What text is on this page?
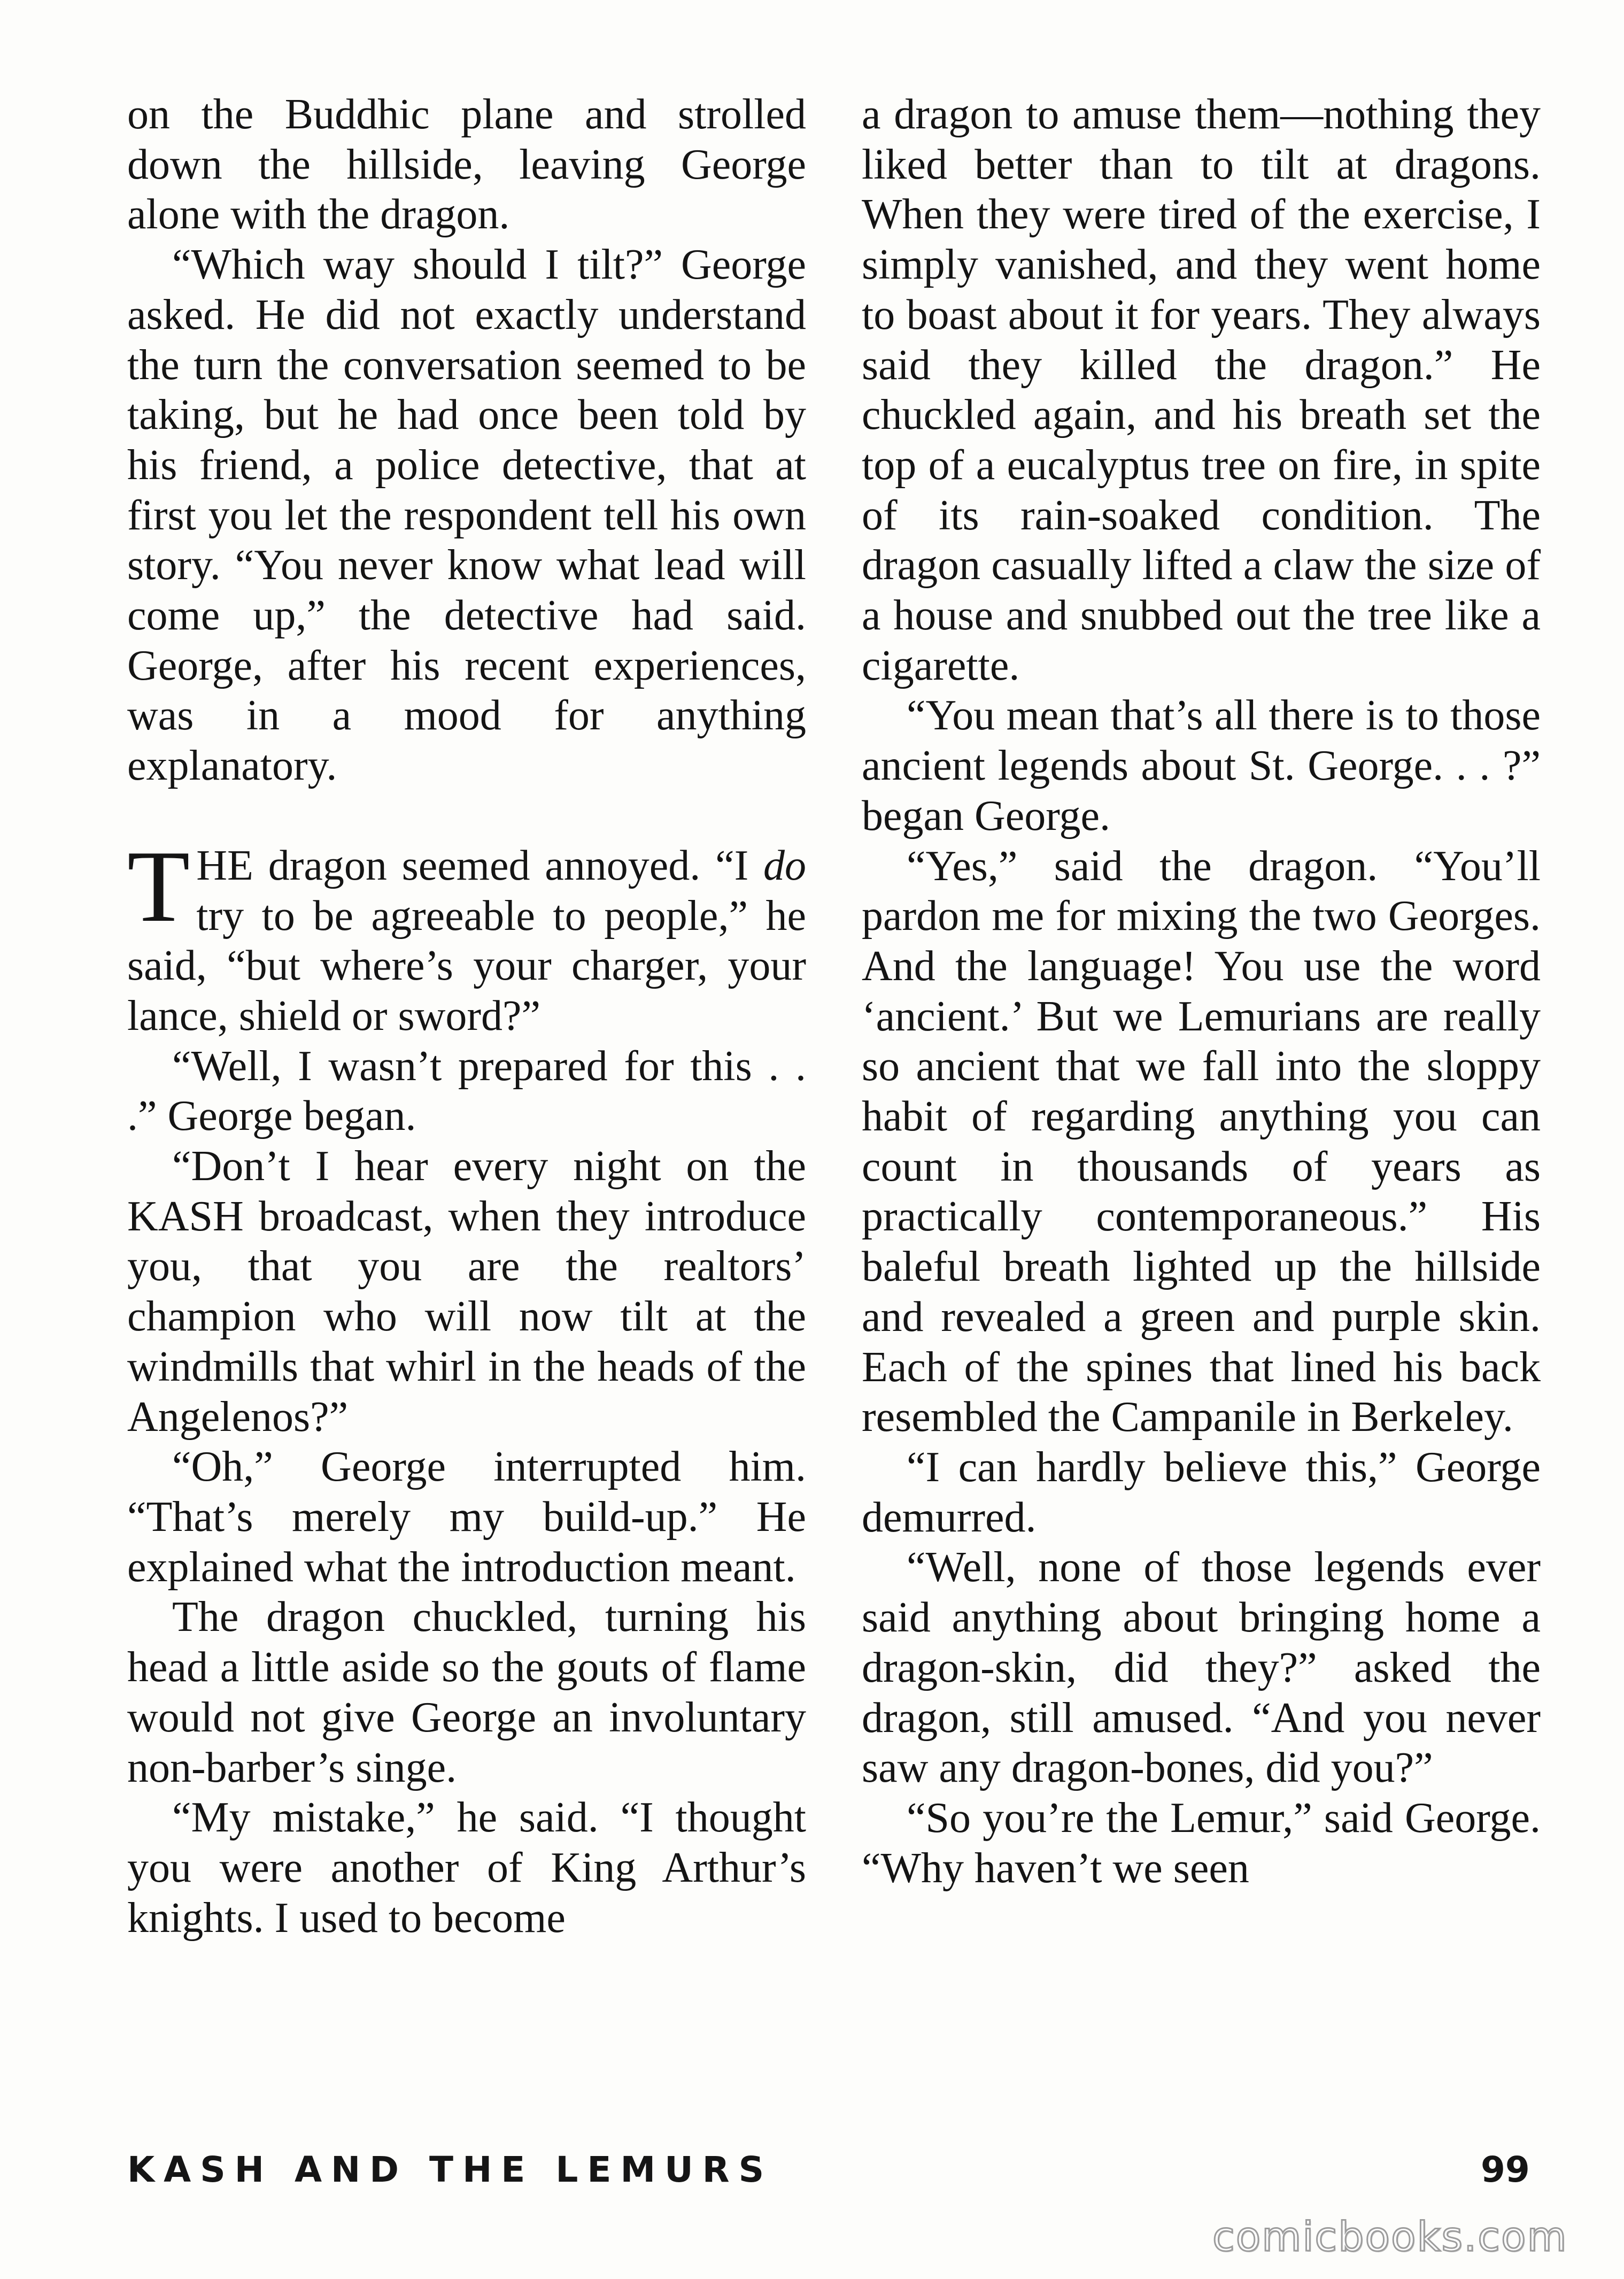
on the Buddhic plane and strolled down the hillside, leaving George alone with the dragon.

“Which way should I tilt?” George asked. He did not exactly understand the turn the conversation seemed to be taking, but he had once been told by his friend, a police detective, that at first you let the respondent tell his own story. “You never know what lead will come up,” the detective had said. George, after his recent experiences, was in a mood for anything explanatory.

THE dragon seemed annoyed. “I do try to be agreeable to people,” he said, “but where’s your charger, your lance, shield or sword?”

“Well, I wasn’t prepared for this . . .” George began.

“Don’t I hear every night on the KASH broadcast, when they introduce you, that you are the realtors’ champion who will now tilt at the windmills that whirl in the heads of the Angelenos?”

“Oh,” George interrupted him. “That’s merely my build-up.” He explained what the introduction meant.

The dragon chuckled, turning his head a little aside so the gouts of flame would not give George an involuntary non-barber’s singe.

“My mistake,” he said. “I thought you were another of King Arthur’s knights. I used to become

a dragon to amuse them—nothing they liked better than to tilt at dragons. When they were tired of the exercise, I simply vanished, and they went home to boast about it for years. They always said they killed the dragon.” He chuckled again, and his breath set the top of a eucalyptus tree on fire, in spite of its rain-soaked condition. The dragon casually lifted a claw the size of a house and snubbed out the tree like a cigarette.

“You mean that’s all there is to those ancient legends about St. George. . . ?” began George.

“Yes,” said the dragon. “You’ll pardon me for mixing the two Georges. And the language! You use the word ‘ancient.’ But we Lemurians are really so ancient that we fall into the sloppy habit of regarding anything you can count in thousands of years as practically contemporaneous.” His baleful breath lighted up the hillside and revealed a green and purple skin. Each of the spines that lined his back resembled the Campanile in Berkeley.

“I can hardly believe this,” George demurred.

“Well, none of those legends ever said anything about bringing home a dragon-skin, did they?” asked the dragon, still amused. “And you never saw any dragon-bones, did you?”

“So you’re the Lemur,” said George. “Why haven’t we seen

KASH AND THE LEMURS	99
comicbooks.com
